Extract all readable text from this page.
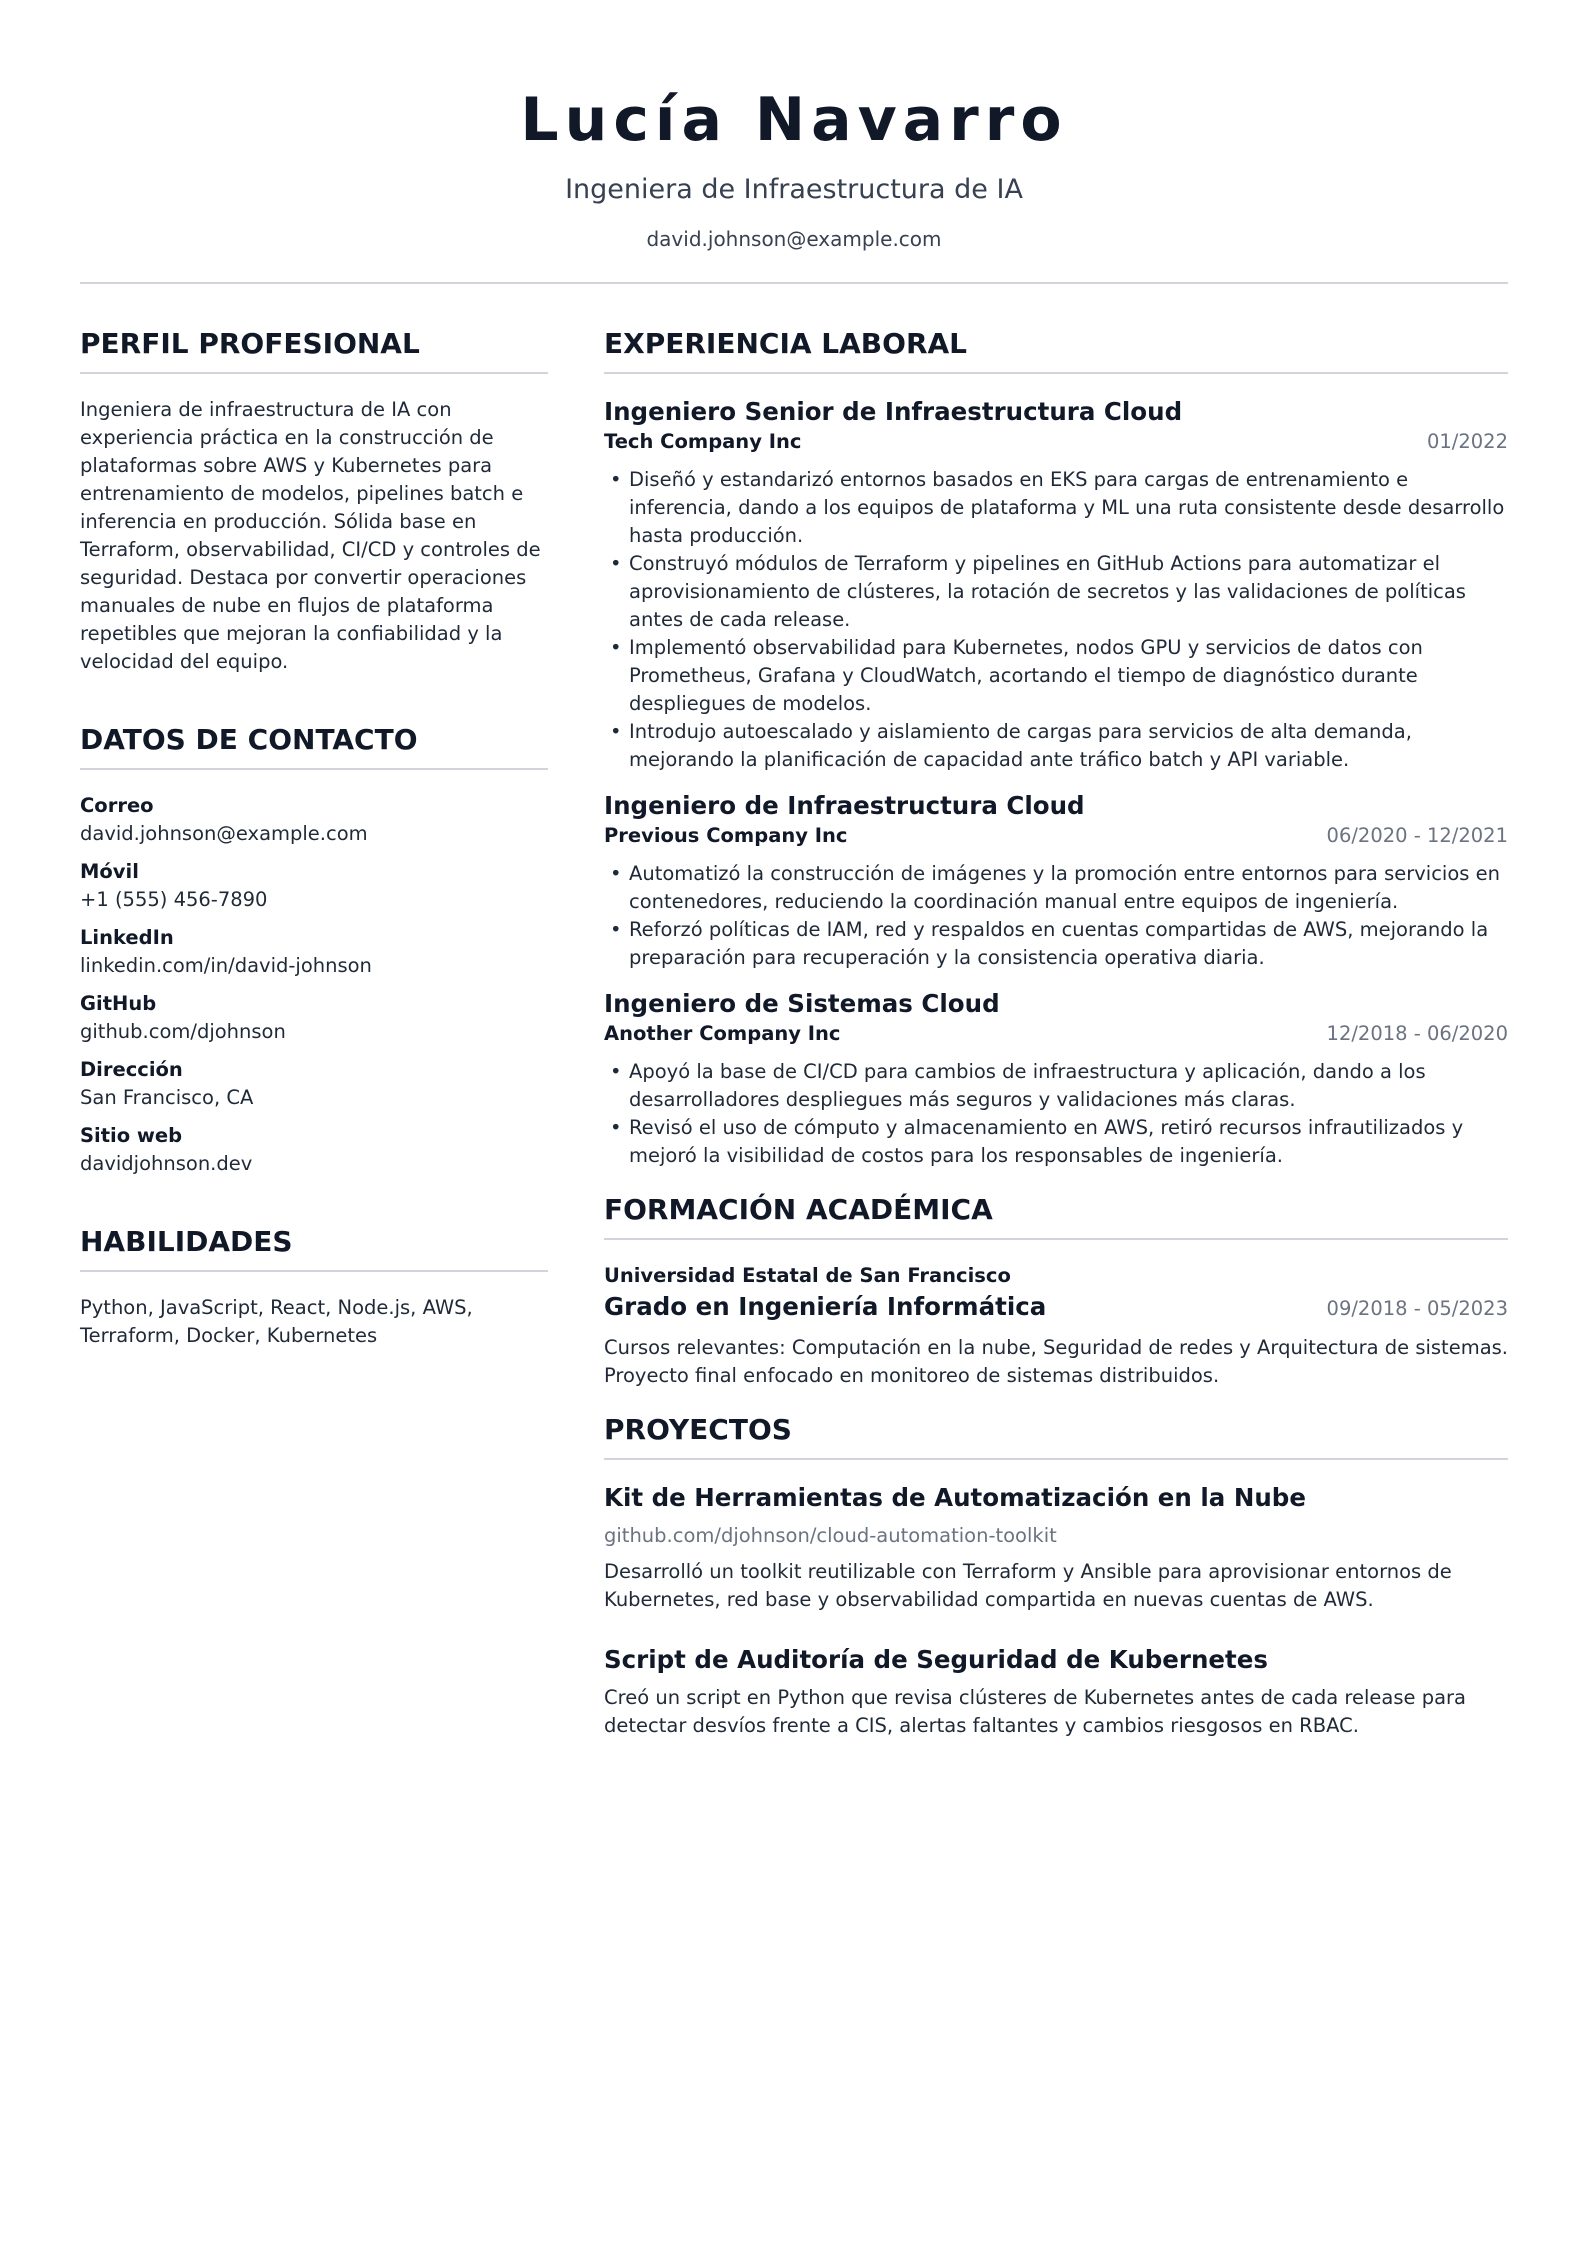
Lucía Navarro
Ingeniera de Infraestructura de IA
david.johnson@example.com
PERFIL PROFESIONAL
Ingeniera de infraestructura de IA con experiencia práctica en la construcción de plataformas sobre AWS y Kubernetes para entrenamiento de modelos, pipelines batch e inferencia en producción. Sólida base en Terraform, observabilidad, CI/CD y controles de seguridad. Destaca por convertir operaciones manuales de nube en flujos de plataforma repetibles que mejoran la confiabilidad y la velocidad del equipo.
DATOS DE CONTACTO
Correo
david.johnson@example.com
Móvil
+1 (555) 456-7890
LinkedIn
linkedin.com/in/david-johnson
GitHub
github.com/djohnson
Dirección
San Francisco, CA
Sitio web
davidjohnson.dev
HABILIDADES
Python, JavaScript, React, Node.js, AWS, Terraform, Docker, Kubernetes
EXPERIENCIA LABORAL
Ingeniero Senior de Infraestructura Cloud
Tech Company Inc	01/2022
• Diseñó y estandarizó entornos basados en EKS para cargas de entrenamiento e inferencia, dando a los equipos de plataforma y ML una ruta consistente desde desarrollo hasta producción.
• Construyó módulos de Terraform y pipelines en GitHub Actions para automatizar el aprovisionamiento de clústeres, la rotación de secretos y las validaciones de políticas antes de cada release.
• Implementó observabilidad para Kubernetes, nodos GPU y servicios de datos con Prometheus, Grafana y CloudWatch, acortando el tiempo de diagnóstico durante despliegues de modelos.
• Introdujo autoescalado y aislamiento de cargas para servicios de alta demanda, mejorando la planificación de capacidad ante tráfico batch y API variable.
Ingeniero de Infraestructura Cloud
Previous Company Inc	06/2020 - 12/2021
• Automatizó la construcción de imágenes y la promoción entre entornos para servicios en contenedores, reduciendo la coordinación manual entre equipos de ingeniería.
• Reforzó políticas de IAM, red y respaldos en cuentas compartidas de AWS, mejorando la preparación para recuperación y la consistencia operativa diaria.
Ingeniero de Sistemas Cloud
Another Company Inc	12/2018 - 06/2020
• Apoyó la base de CI/CD para cambios de infraestructura y aplicación, dando a los desarrolladores despliegues más seguros y validaciones más claras.
• Revisó el uso de cómputo y almacenamiento en AWS, retiró recursos infrautilizados y mejoró la visibilidad de costos para los responsables de ingeniería.
FORMACIÓN ACADÉMICA
Universidad Estatal de San Francisco
Grado en Ingeniería Informática	09/2018 - 05/2023
Cursos relevantes: Computación en la nube, Seguridad de redes y Arquitectura de sistemas. Proyecto final enfocado en monitoreo de sistemas distribuidos.
PROYECTOS
Kit de Herramientas de Automatización en la Nube
github.com/djohnson/cloud-automation-toolkit
Desarrolló un toolkit reutilizable con Terraform y Ansible para aprovisionar entornos de Kubernetes, red base y observabilidad compartida en nuevas cuentas de AWS.
Script de Auditoría de Seguridad de Kubernetes
Creó un script en Python que revisa clústeres de Kubernetes antes de cada release para detectar desvíos frente a CIS, alertas faltantes y cambios riesgosos en RBAC.
